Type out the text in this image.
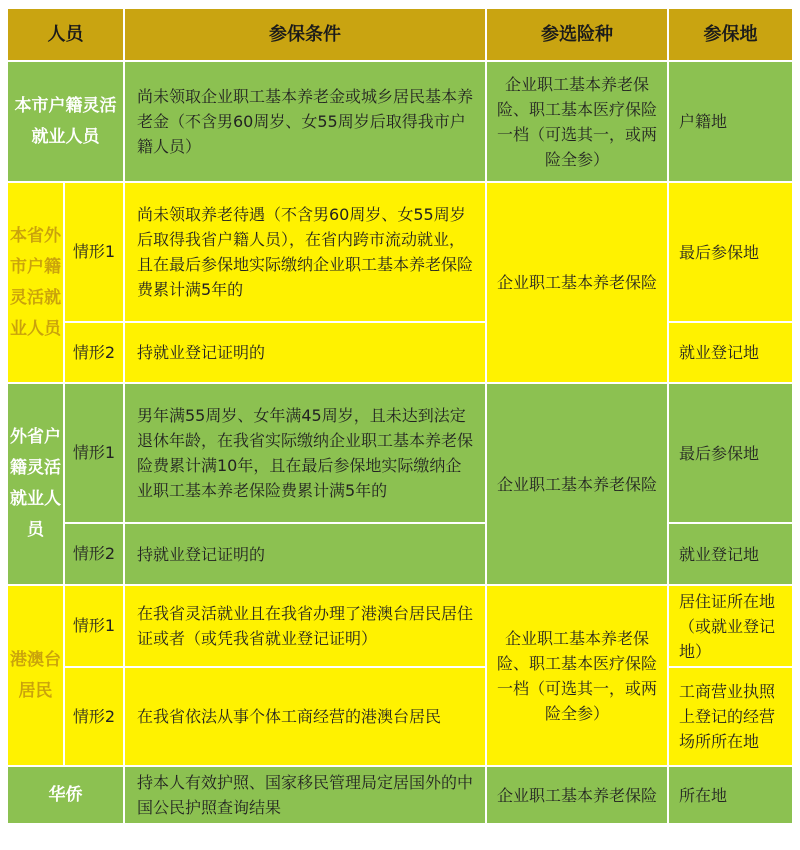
人员		参保条件	参选险种	参保地
本市户籍灵活就业人员		尚未领取企业职工基本养老金或城乡居民基本养老金（不含男60周岁、女55周岁后取得我市户籍人员）	企业职工基本养老保险、职工基本医疗保险一档（可选其一，或两险全参）	户籍地
本省外市户籍灵活就业人员	情形1	尚未领取养老待遇（不含男60周岁、女55周岁后取得我省户籍人员），在省内跨市流动就业，且在最后参保地实际缴纳企业职工基本养老保险费累计满5年的	企业职工基本养老保险	最后参保地
	情形2	持就业登记证明的		就业登记地
外省户籍灵活就业人员	情形1	男年满55周岁、女年满45周岁，且未达到法定退休年龄，在我省实际缴纳企业职工基本养老保险费累计满10年，且在最后参保地实际缴纳企业职工基本养老保险费累计满5年的	企业职工基本养老保险	最后参保地
	情形2	持就业登记证明的		就业登记地
港澳台居民	情形1	在我省灵活就业且在我省办理了港澳台居民居住证或者（或凭我省就业登记证明）	企业职工基本养老保险、职工基本医疗保险一档（可选其一，或两险全参）	居住证所在地（或就业登记地）
	情形2	在我省依法从事个体工商经营的港澳台居民		工商营业执照上登记的经营场所所在地
华侨		持本人有效护照、国家移民管理局定居国外的中国公民护照查询结果	企业职工基本养老保险	所在地
